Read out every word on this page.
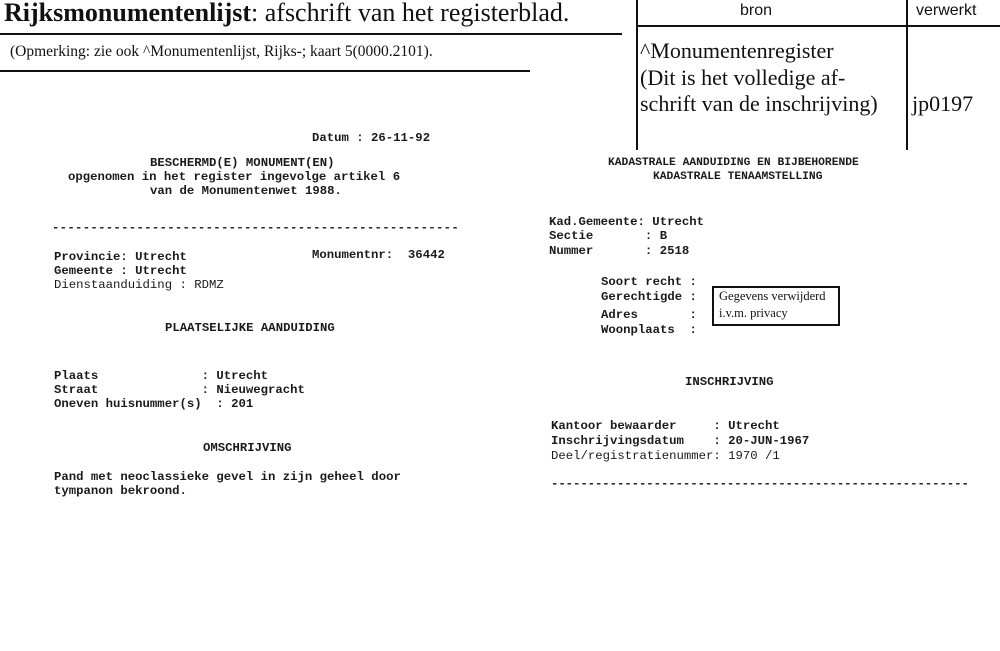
Rijksmonumentenlijst: afschrift van het registerblad.
(Opmerking: zie ook ^Monumentenlijst, Rijks-; kaart 5(0000.2101).
bron	verwerkt
^Monumentenregister
(Dit is het volledige af-
schrift van de inschrijving) jp0197
Datum : 26-11-92
BESCHERMD(E) MONUMENT(EN)
opgenomen in het register ingevolge artikel 6
van de Monumentenwet 1988.
-----------------------------------------------------
Provincie: Utrecht	Monumentnr:  36442
Gemeente : Utrecht
Dienstaanduiding : RDMZ
PLAATSELIJKE AANDUIDING
Plaats              : Utrecht
Straat              : Nieuwegracht
Oneven huisnummer(s)  : 201
OMSCHRIJVING
Pand met neoclassieke gevel in zijn geheel door
tympanon bekroond.
KADASTRALE AANDUIDING EN BIJBEHORENDE
KADASTRALE TENAAMSTELLING
Kad.Gemeente: Utrecht
Sectie       : B
Nummer       : 2518
Soort recht :
Gerechtigde :
Adres       :
Woonplaats  :
Gegevens verwijderd
i.v.m. privacy
INSCHRIJVING
Kantoor bewaarder     : Utrecht
Inschrijvingsdatum    : 20-JUN-1967
Deel/registratienummer: 1970 /1
---------------------------------------------------------
